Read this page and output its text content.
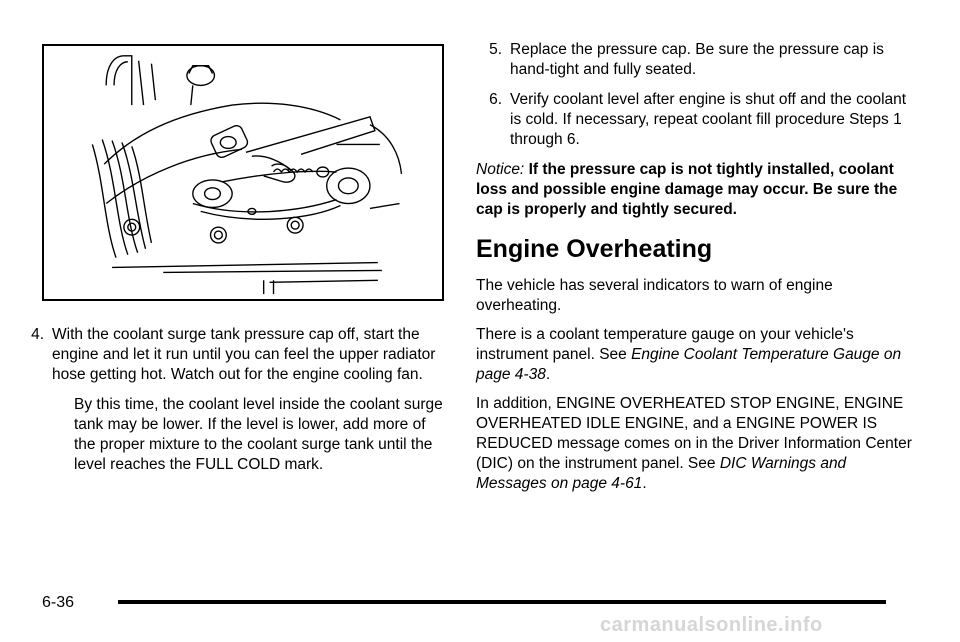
4 . With the coolant surge tank pressure cap off, start the engine and let it run until you can feel the upper radiator hose getting hot. Watch out for the engine cooling fan.
By this time, the coolant level inside the coolant surge tank may be lower. If the level is lower, add more of the proper mixture to the coolant surge tank until the level reaches the FULL COLD mark.
5 . Replace the pressure cap. Be sure the pressure cap is hand-tight and fully seated.
6 . Verify coolant level after engine is shut off and the coolant is cold. If necessary, repeat coolant fill procedure Steps 1 through 6.
Notice: If the pressure cap is not tightly installed, coolant loss and possible engine damage may occur. Be sure the cap is properly and tightly secured.
Engine Overheating

The vehicle has several indicators to warn of engine overheating.

There is a coolant temperature gauge on your vehicle's instrument panel. See Engine Coolant Temperature Gauge on page 4-38.

In addition, ENGINE OVERHEATED STOP ENGINE, ENGINE OVERHEATED IDLE ENGINE, and a ENGINE POWER IS REDUCED message comes on in the Driver Information Center (DIC) on the instrument panel. See DIC Warnings and Messages on page 4-61.

6-36
carmanualsonline.info
